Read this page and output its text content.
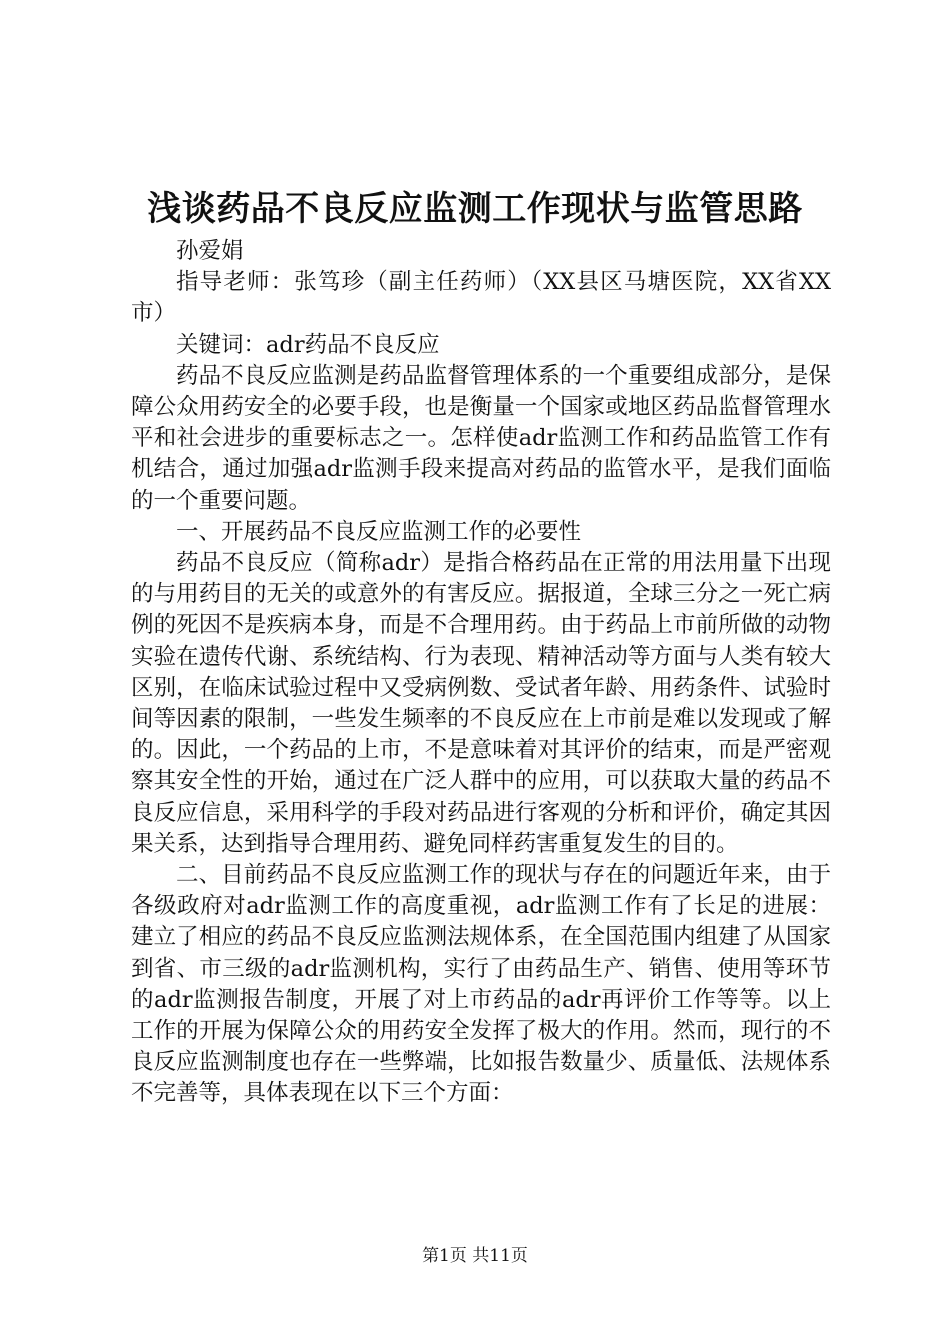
浅谈药品不良反应监测工作现状与监管思路

孙爱娟

指导老师：张笃珍（副主任药师）（XX县区马塘医院，XX省XX市）

关键词：adr药品不良反应

药品不良反应监测是药品监督管理体系的一个重要组成部分，是保障公众用药安全的必要手段，也是衡量一个国家或地区药品监督管理水平和社会进步的重要标志之一。怎样使adr监测工作和药品监管工作有机结合，通过加强adr监测手段来提高对药品的监管水平，是我们面临的一个重要问题。

一、开展药品不良反应监测工作的必要性

药品不良反应（简称adr）是指合格药品在正常的用法用量下出现的与用药目的无关的或意外的有害反应。据报道，全球三分之一死亡病例的死因不是疾病本身，而是不合理用药。由于药品上市前所做的动物实验在遗传代谢、系统结构、行为表现、精神活动等方面与人类有较大区别，在临床试验过程中又受病例数、受试者年龄、用药条件、试验时间等因素的限制，一些发生频率的不良反应在上市前是难以发现或了解的。因此，一个药品的上市，不是意味着对其评价的结束，而是严密观察其安全性的开始，通过在广泛人群中的应用，可以获取大量的药品不良反应信息，采用科学的手段对药品进行客观的分析和评价，确定其因果关系，达到指导合理用药、避免同样药害重复发生的目的。

二、目前药品不良反应监测工作的现状与存在的问题近年来，由于各级政府对adr监测工作的高度重视，adr监测工作有了长足的进展：建立了相应的药品不良反应监测法规体系，在全国范围内组建了从国家到省、市三级的adr监测机构，实行了由药品生产、销售、使用等环节的adr监测报告制度，开展了对上市药品的adr再评价工作等等。以上工作的开展为保障公众的用药安全发挥了极大的作用。然而，现行的不良反应监测制度也存在一些弊端，比如报告数量少、质量低、法规体系不完善等，具体表现在以下三个方面：

第1页 共11页
